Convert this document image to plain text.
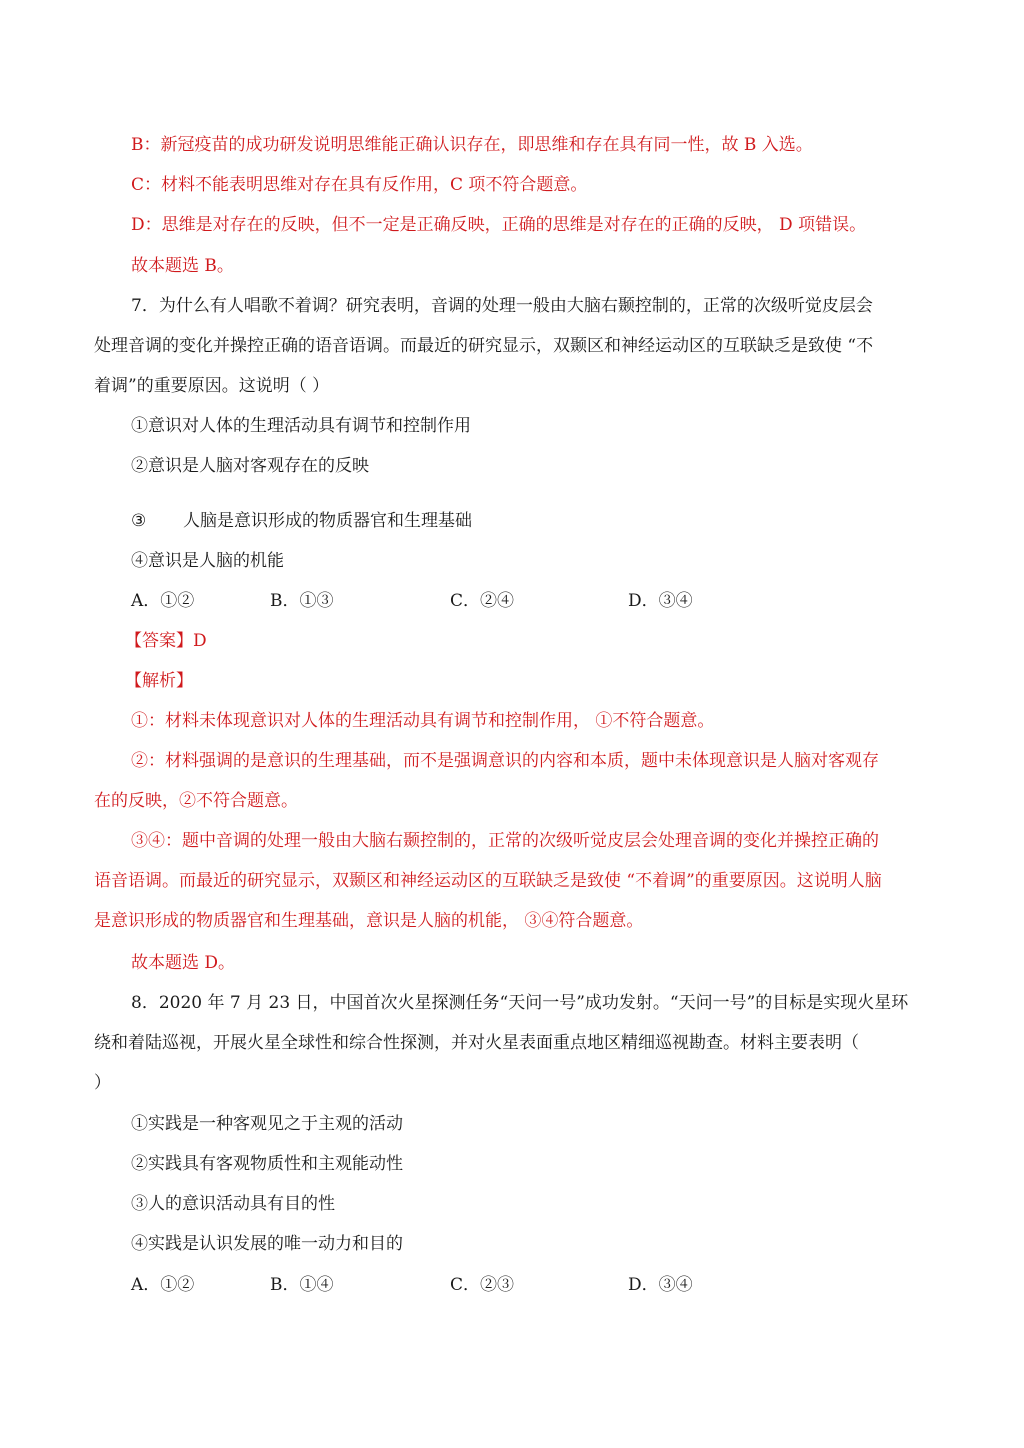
B：新冠疫苗的成功研发说明思维能正确认识存在，即思维和存在具有同一性，故 B 入选。
C：材料不能表明思维对存在具有反作用，C 项不符合题意。
D：思维是对存在的反映，但不一定是正确反映，正确的思维是对存在的正确的反映， D 项错误。
故本题选 B。
7．为什么有人唱歌不着调？研究表明，音调的处理一般由大脑右颞控制的，正常的次级听觉皮层会
处理音调的变化并操控正确的语音语调。而最近的研究显示，双颞区和神经运动区的互联缺乏是致使 “不
着调”的重要原因。这说明（ ）
①意识对人体的生理活动具有调节和控制作用
②意识是人脑对客观存在的反映
③ 人脑是意识形成的物质器官和生理基础
④意识是人脑的机能
A．①②	B．①③	C．②④	D．③④
【答案】D
【解析】
①：材料未体现意识对人体的生理活动具有调节和控制作用， ①不符合题意。
②：材料强调的是意识的生理基础，而不是强调意识的内容和本质，题中未体现意识是人脑对客观存
在的反映，②不符合题意。
③④：题中音调的处理一般由大脑右颞控制的，正常的次级听觉皮层会处理音调的变化并操控正确的
语音语调。而最近的研究显示，双颞区和神经运动区的互联缺乏是致使 “不着调”的重要原因。这说明人脑
是意识形成的物质器官和生理基础，意识是人脑的机能， ③④符合题意。
故本题选 D。
8．2020 年 7 月 23 日，中国首次火星探测任务“天问一号”成功发射。“天问一号”的目标是实现火星环
绕和着陆巡视，开展火星全球性和综合性探测，并对火星表面重点地区精细巡视勘查。材料主要表明（
）
①实践是一种客观见之于主观的活动
②实践具有客观物质性和主观能动性
③人的意识活动具有目的性
④实践是认识发展的唯一动力和目的
A．①②	B．①④	C．②③	D．③④
